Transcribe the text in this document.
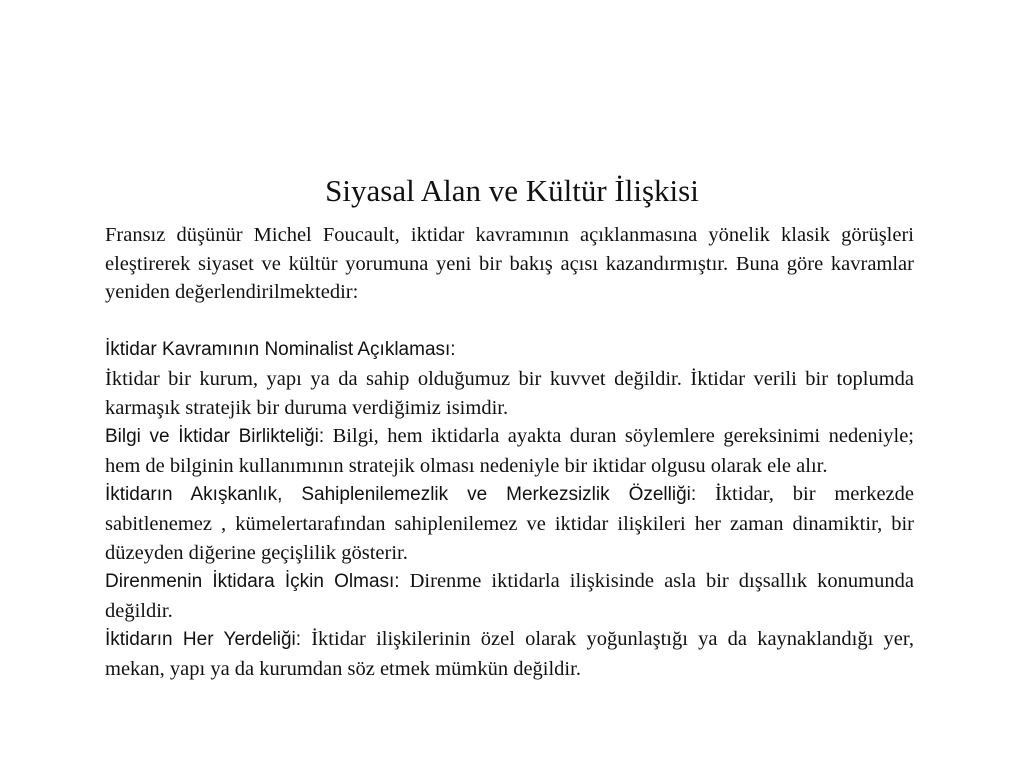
Siyasal Alan ve Kültür İlişkisi

Fransız düşünür Michel Foucault, iktidar kavramının açıklanmasına yönelik klasik görüşleri eleştirerek siyaset ve kültür yorumuna yeni bir bakış açısı kazandırmıştır. Buna göre kavramlar yeniden değerlendirilmektedir:

İktidar Kavramının Nominalist Açıklaması:
İktidar bir kurum, yapı ya da sahip olduğumuz bir kuvvet değildir. İktidar verili bir toplumda karmaşık stratejik bir duruma verdiğimiz isimdir.

Bilgi ve İktidar Birlikteliği: Bilgi, hem iktidarla ayakta duran söylemlere gereksinimi nedeniyle; hem de bilginin kullanımının stratejik olması nedeniyle bir iktidar olgusu olarak ele alır.

İktidarın Akışkanlık, Sahiplenilemezlik ve Merkezsizlik Özelliği: İktidar, bir merkezde sabitlenemez , kümelertarafından sahiplenilemez ve iktidar ilişkileri her zaman dinamiktir, bir düzeyden diğerine geçişlilik gösterir.

Direnmenin İktidara İçkin Olması: Direnme iktidarla ilişkisinde asla bir dışsallık konumunda değildir.

İktidarın Her Yerdeliği: İktidar ilişkilerinin özel olarak yoğunlaştığı ya da kaynaklandığı yer, mekan, yapı ya da kurumdan söz etmek mümkün değildir.
